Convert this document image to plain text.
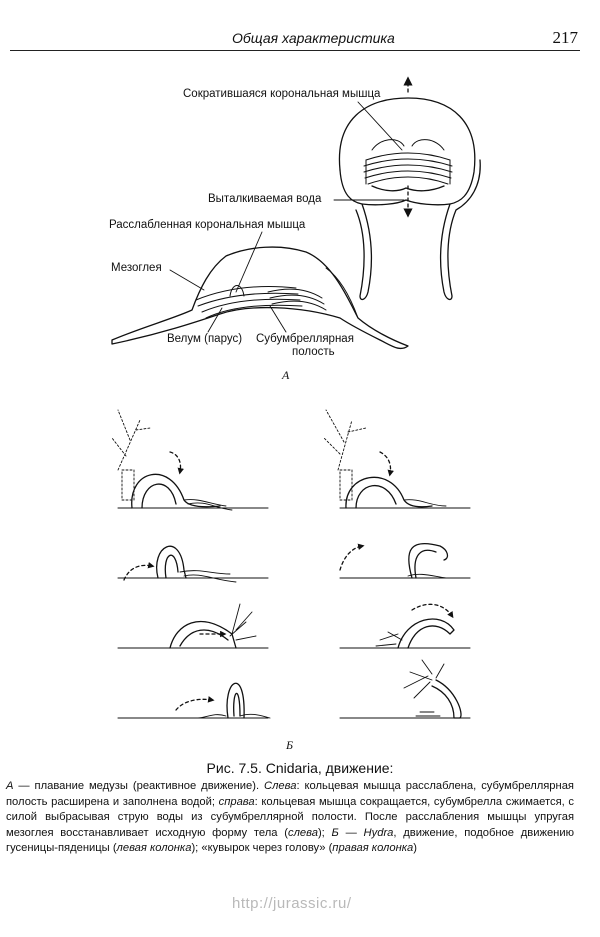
Общая характеристика	217
Сократившаяся корональная мышца
Выталкиваемая вода
Расслабленная корональная мышца
Мезоглея
Велум (парус) Субумбреллярная
полость
А
Б
Рис. 7.5. Cnidaria, движение:
А — плавание медузы (реактивное движение). Слева: кольцевая мышца расслаблена, субумбреллярная полость расширена и заполнена водой; справа: кольцевая мышца сокращается, субумбрелла сжимается, с силой выбрасывая струю воды из субумбреллярной полости. После расслабления мышцы упругая мезоглея восстанавливает исходную форму тела (слева); Б — Hydra, движение, подобное движению гусеницы-пяденицы (левая колонка); «кувырок через голову» (правая колонка)
http://jurassic.ru/
